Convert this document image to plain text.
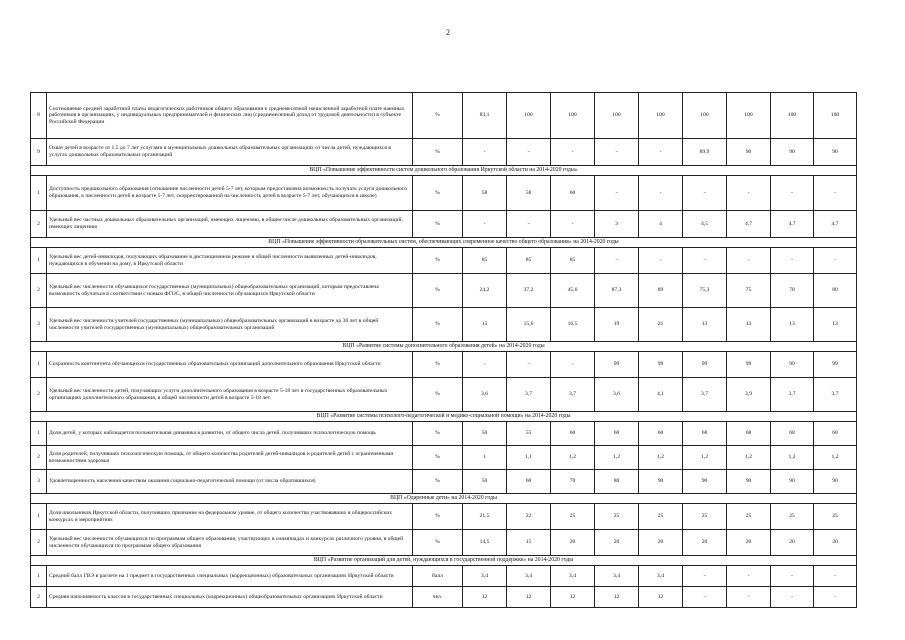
2
8	Соотношение средней заработной платы педагогических работников общего образования к среднемесячной начисленной заработной плате наемных работников в организациях, у индивидуальных предпринимателей и физических лиц (среднемесячный доход от трудовой деятельности) в субъекте Российской Федерации	%	83,1	100	100	100	100	100	100	100	100
9	Охват детей в возрасте от 1,5 до 7 лет услугами в муниципальных дошкольных образовательных организациях от числа детей, нуждающихся в услугах дошкольных образовательных организаций	%	-	-	-	-	-	89,9	90	90	90
ВЦП «Повышение эффективности систем дошкольного образования Иркутской области на 2014-2020 годы»											
1	Доступность предшкольного образования (отношение численности детей 5-7 лет, которым предоставлена возможность получать услуги дошкольного образования, к численности детей в возрасте 5-7 лет, скорректированной на численность детей в возрасте 5-7 лет, обучающихся в школе)	%	58	58	60	-	-	-	-	-	-
2	Удельный вес частных дошкольных образовательных организаций, имеющих лицензию, в общем числе дошкольных образовательных организаций, имеющих лицензию	%	-	-	-	3	4	4,5	4,7	4,7	4,7
ВЦП «Повышение эффективности образовательных систем, обеспечивающих современное качество общего образования» на 2014-2020 годы											
1	Удельный вес детей-инвалидов, получающих образование в дистанционном режиме в общей численности выявленных детей-инвалидов, нуждающихся в обучении на дому, в Иркутской области	%	85	85	85	-	-	-	-	-	-
2	Удельный вес численности обучающихся государственных (муниципальных) общеобразовательных организаций, которым предоставлена возможность обучаться в соответствии с новым ФГОС, в общей численности обучающихся Иркутской области	%	24,2	37,2	45,6	87,3	89	75,3	75	78	80
3	Удельный вес численности учителей государственных (муниципальных) общеобразовательных организаций в возрасте до 30 лет в общей численности учителей государственных (муниципальных) общеобразовательных организаций	%	15	15,6	16,5	19	21	13	13	13	13
ВЦП «Развитие системы дополнительного образования детей» на 2014-2020 годы											
1	Сохранность контингента обучающихся государственных образовательных организаций дополнительного образования Иркутской области	%	-	-	-	99	99	99	99	99	99
2	Удельный вес численности детей, получающих услуги дополнительного образования в возрасте 5-18 лет в государственных образовательных организациях дополнительного образования, в общей численности детей в возрасте 5-18 лет	%	3,6	3,7	3,7	3,6	4,1	3,7	3,9	3,7	3,7
ВЦП «Развитие системы психолого-педагогической и медико-социальной помощи» на 2014-2020 годы											
1	Доля детей, у которых наблюдается положительная динамика в развитии, от общего числа детей, получивших психологическую помощь	%	50	55	60	60	60	68	68	68	68
2	Доля родителей, получивших психологическую помощь, от общего количества родителей детей-инвалидов и родителей детей с ограниченными возможностями здоровья	%	1	1,1	1,2	1,2	1,2	1,2	1,2	1,2	1,2
3	Удовлетворенность населения качеством оказания социально-педагогической помощи (от числа обратившихся)	%	50	60	70	80	90	90	90	90	90
ВЦП «Одаренные дети» на 2014-2020 годы											
1	Доля школьников Иркутской области, получивших признание на федеральном уровне, от общего количества участвовавших в общероссийских конкурсах и мероприятиях	%	21,5	22	25	25	25	25	25	25	25
2	Удельный вес численности обучающихся по программам общего образования, участвующих в олимпиадах и конкурсах различного уровня, в общей численности обучающихся по программам общего образования	%	14,5	15	20	20	20	20	20	20	20
ВЦП «Развитие организаций для детей, нуждающихся в государственной поддержке» на 2014-2020 годы											
1	Средний балл ГВЭ в расчете на 1 предмет в государственных специальных (коррекционных) образовательных организациях Иркутской области	балл	3,4	3,4	3,4	3,4	3,4	-	-	-	-
2	Средняя наполняемость классов в государственных специальных (коррекционных) общеобразовательных организациях Иркутской области	чел.	12	12	12	12	12	-	-	-	-
